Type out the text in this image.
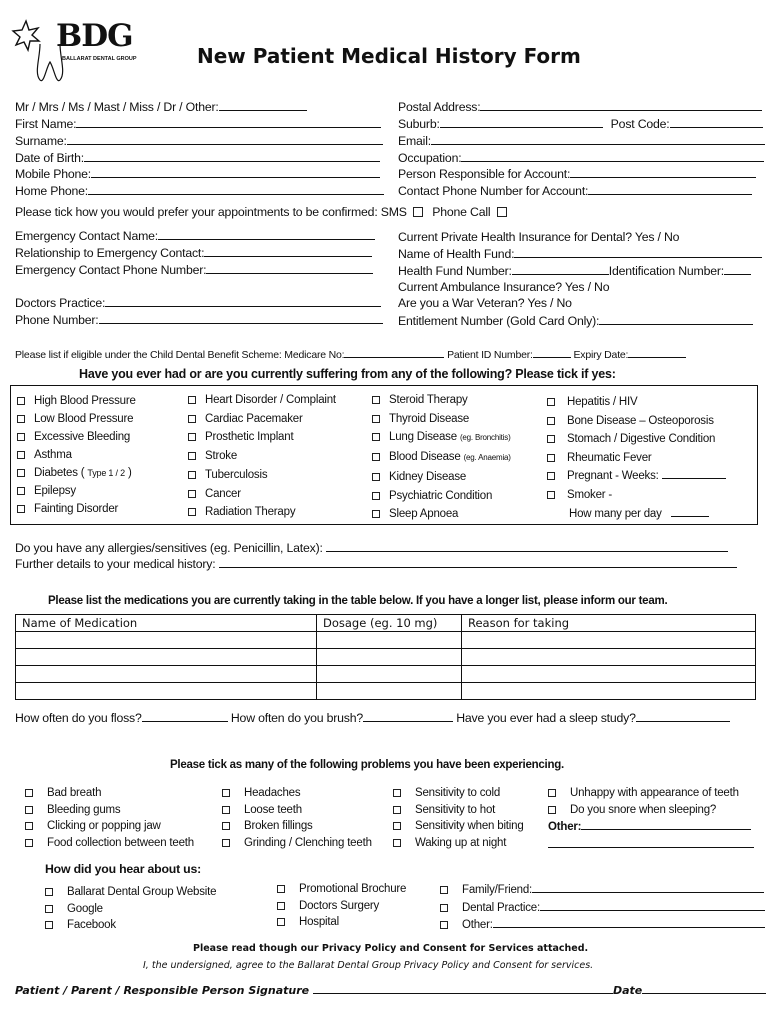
BDG
BALLARAT DENTAL GROUP	New Patient Medical History Form
Mr / Mrs / Ms / Mast / Miss / Dr / Other:
First Name:
Surname:
Date of Birth:
Mobile Phone:
Home Phone:
Postal Address:
Suburb:	Post Code:
Email:
Occupation:
Person Responsible for Account:
Contact Phone Number for Account:
Please tick how you would prefer your appointments to be confirmed: SMS Phone Call
Emergency Contact Name:
Relationship to Emergency Contact:
Emergency Contact Phone Number:
Doctors Practice:
Phone Number:
Current Private Health Insurance for Dental? Yes / No
Name of Health Fund:
Health Fund Number:	Identification Number:
Current Ambulance Insurance? Yes / No
Are you a War Veteran? Yes / No
Entitlement Number (Gold Card Only):
Please list if eligible under the Child Dental Benefit Scheme: Medicare No:	Patient ID Number:	Expiry Date:
Have you ever had or are you currently suffering from any of the following? Please tick if yes:
High Blood Pressure
Low Blood Pressure
Excessive Bleeding
Asthma
Diabetes ( Type 1 / 2 )
Epilepsy
Fainting Disorder
Heart Disorder / Complaint
Cardiac Pacemaker
Prosthetic Implant
Stroke
Tuberculosis
Cancer
Radiation Therapy
Steroid Therapy
Thyroid Disease
Lung Disease (eg. Bronchitis)
Blood Disease (eg. Anaemia)
Kidney Disease
Psychiatric Condition
Sleep Apnoea
Hepatitis / HIV
Bone Disease – Osteoporosis
Stomach / Digestive Condition
Rheumatic Fever
Pregnant - Weeks:
Smoker -
How many per day
Do you have any allergies/sensitives (eg. Penicillin, Latex):
Further details to your medical history:
Please list the medications you are currently taking in the table below. If you have a longer list, please inform our team.
Name of Medication	Dosage (eg. 10 mg)	Reason for taking

How often do you floss?	How often do you brush?	Have you ever had a sleep study?
Please tick as many of the following problems you have been experiencing.
Bad breath
Bleeding gums
Clicking or popping jaw
Food collection between teeth
Headaches
Loose teeth
Broken fillings
Grinding / Clenching teeth
Sensitivity to cold
Sensitivity to hot
Sensitivity when biting
Waking up at night
Unhappy with appearance of teeth
Do you snore when sleeping?
Other:
How did you hear about us:
Ballarat Dental Group Website
Google
Facebook
Promotional Brochure
Doctors Surgery
Hospital
Family/Friend:
Dental Practice:
Other:
Please read though our Privacy Policy and Consent for Services attached.
I, the undersigned, agree to the Ballarat Dental Group Privacy Policy and Consent for services.
Patient / Parent / Responsible Person Signature	Date
